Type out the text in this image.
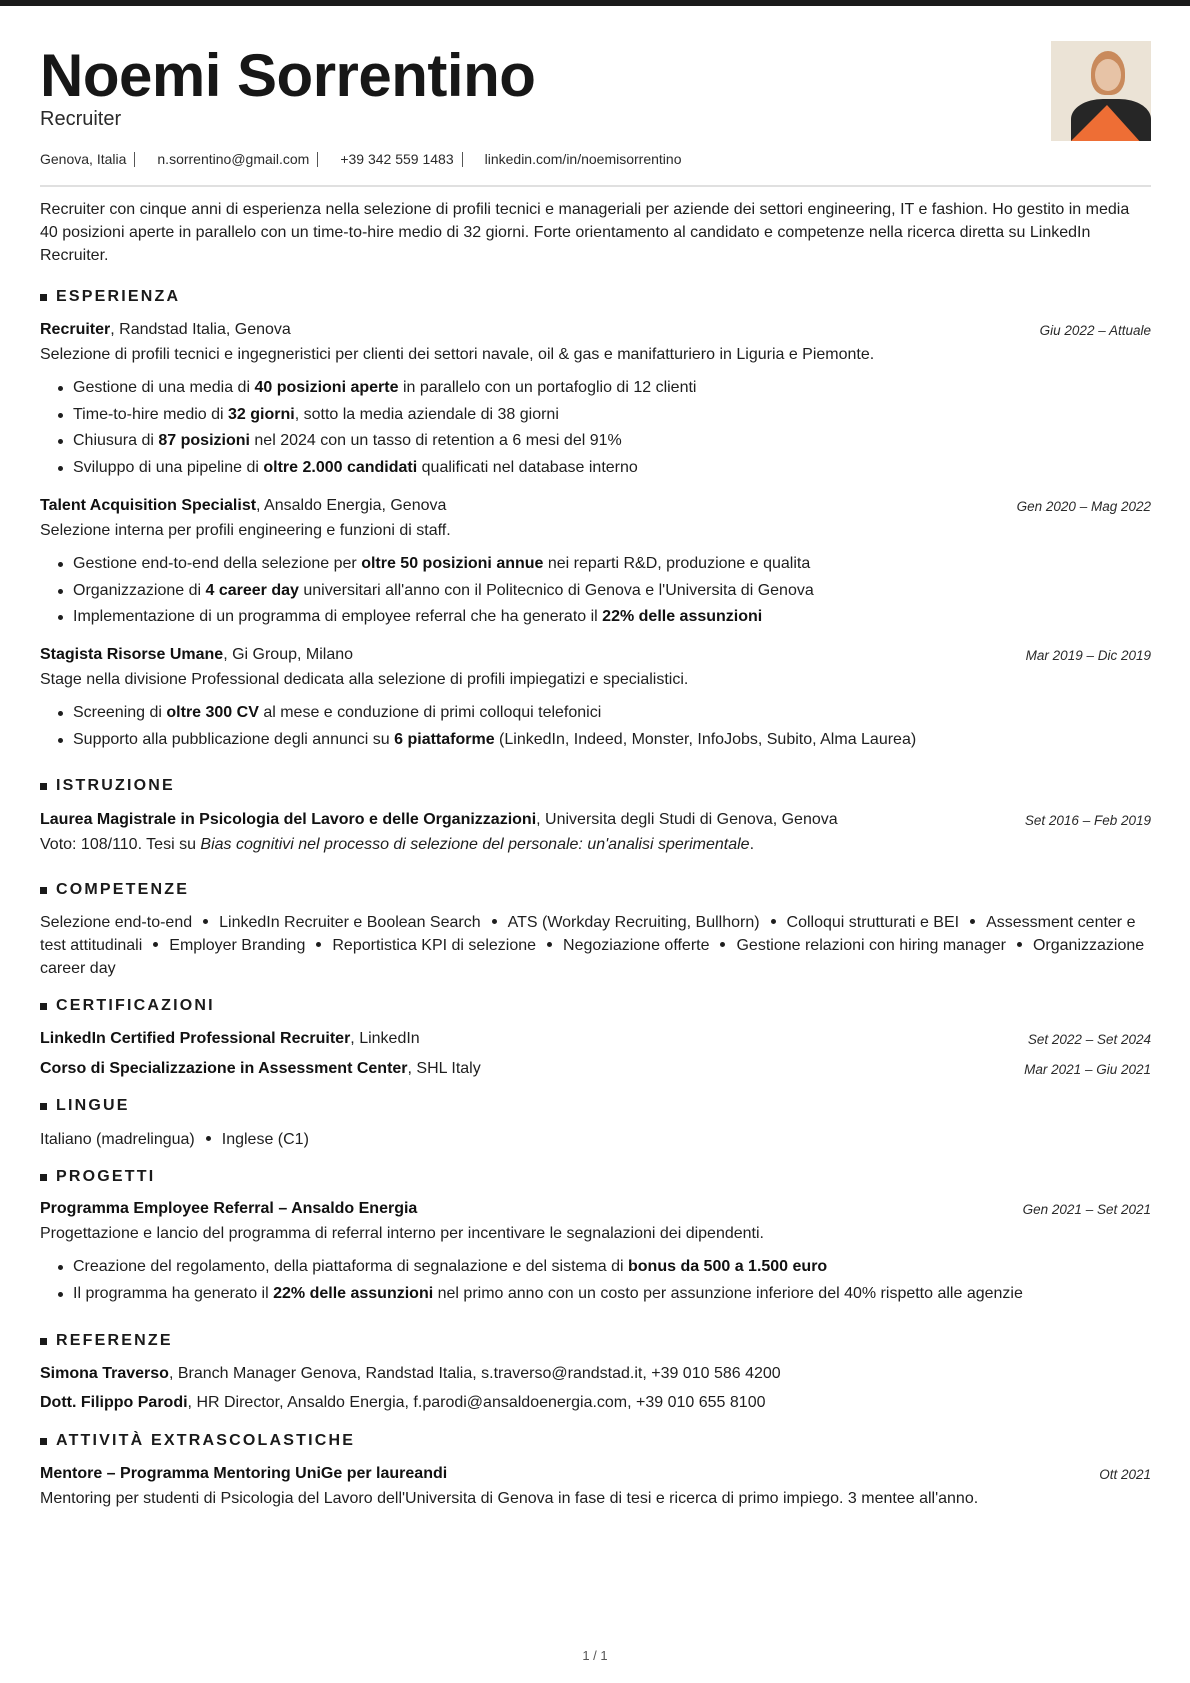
Noemi Sorrentino
Recruiter
Genova, Italia n.sorrentino@gmail.com +39 342 559 1483 linkedin.com/in/noemisorrentino
Recruiter con cinque anni di esperienza nella selezione di profili tecnici e manageriali per aziende dei settori engineering, IT e fashion. Ho gestito in media 40 posizioni aperte in parallelo con un time-to-hire medio di 32 giorni. Forte orientamento al candidato e competenze nella ricerca diretta su LinkedIn Recruiter.
ESPERIENZA
Recruiter, Randstad Italia, Genova	Giu 2022 – Attuale
Selezione di profili tecnici e ingegneristici per clienti dei settori navale, oil & gas e manifatturiero in Liguria e Piemonte.
Gestione di una media di 40 posizioni aperte in parallelo con un portafoglio di 12 clienti
Time-to-hire medio di 32 giorni, sotto la media aziendale di 38 giorni
Chiusura di 87 posizioni nel 2024 con un tasso di retention a 6 mesi del 91%
Sviluppo di una pipeline di oltre 2.000 candidati qualificati nel database interno
Talent Acquisition Specialist, Ansaldo Energia, Genova	Gen 2020 – Mag 2022
Selezione interna per profili engineering e funzioni di staff.
Gestione end-to-end della selezione per oltre 50 posizioni annue nei reparti R&D, produzione e qualita
Organizzazione di 4 career day universitari all'anno con il Politecnico di Genova e l'Universita di Genova
Implementazione di un programma di employee referral che ha generato il 22% delle assunzioni
Stagista Risorse Umane, Gi Group, Milano	Mar 2019 – Dic 2019
Stage nella divisione Professional dedicata alla selezione di profili impiegatizi e specialistici.
Screening di oltre 300 CV al mese e conduzione di primi colloqui telefonici
Supporto alla pubblicazione degli annunci su 6 piattaforme (LinkedIn, Indeed, Monster, InfoJobs, Subito, Alma Laurea)
ISTRUZIONE
Laurea Magistrale in Psicologia del Lavoro e delle Organizzazioni, Universita degli Studi di Genova, Genova	Set 2016 – Feb 2019
Voto: 108/110. Tesi su Bias cognitivi nel processo di selezione del personale: un'analisi sperimentale.
COMPETENZE
Selezione end-to-end LinkedIn Recruiter e Boolean Search ATS (Workday Recruiting, Bullhorn) Colloqui strutturati e BEI Assessment center e test attitudinali Employer Branding Reportistica KPI di selezione Negoziazione offerte Gestione relazioni con hiring manager Organizzazione career day
CERTIFICAZIONI
LinkedIn Certified Professional Recruiter, LinkedIn	Set 2022 – Set 2024
Corso di Specializzazione in Assessment Center, SHL Italy	Mar 2021 – Giu 2021
LINGUE
Italiano (madrelingua) Inglese (C1)
PROGETTI
Programma Employee Referral – Ansaldo Energia	Gen 2021 – Set 2021
Progettazione e lancio del programma di referral interno per incentivare le segnalazioni dei dipendenti.
Creazione del regolamento, della piattaforma di segnalazione e del sistema di bonus da 500 a 1.500 euro
Il programma ha generato il 22% delle assunzioni nel primo anno con un costo per assunzione inferiore del 40% rispetto alle agenzie
REFERENZE
Simona Traverso, Branch Manager Genova, Randstad Italia, s.traverso@randstad.it, +39 010 586 4200
Dott. Filippo Parodi, HR Director, Ansaldo Energia, f.parodi@ansaldoenergia.com, +39 010 655 8100
ATTIVITÀ EXTRASCOLASTICHE
Mentore – Programma Mentoring UniGe per laureandi	Ott 2021
Mentoring per studenti di Psicologia del Lavoro dell'Universita di Genova in fase di tesi e ricerca di primo impiego. 3 mentee all'anno.
1 / 1
